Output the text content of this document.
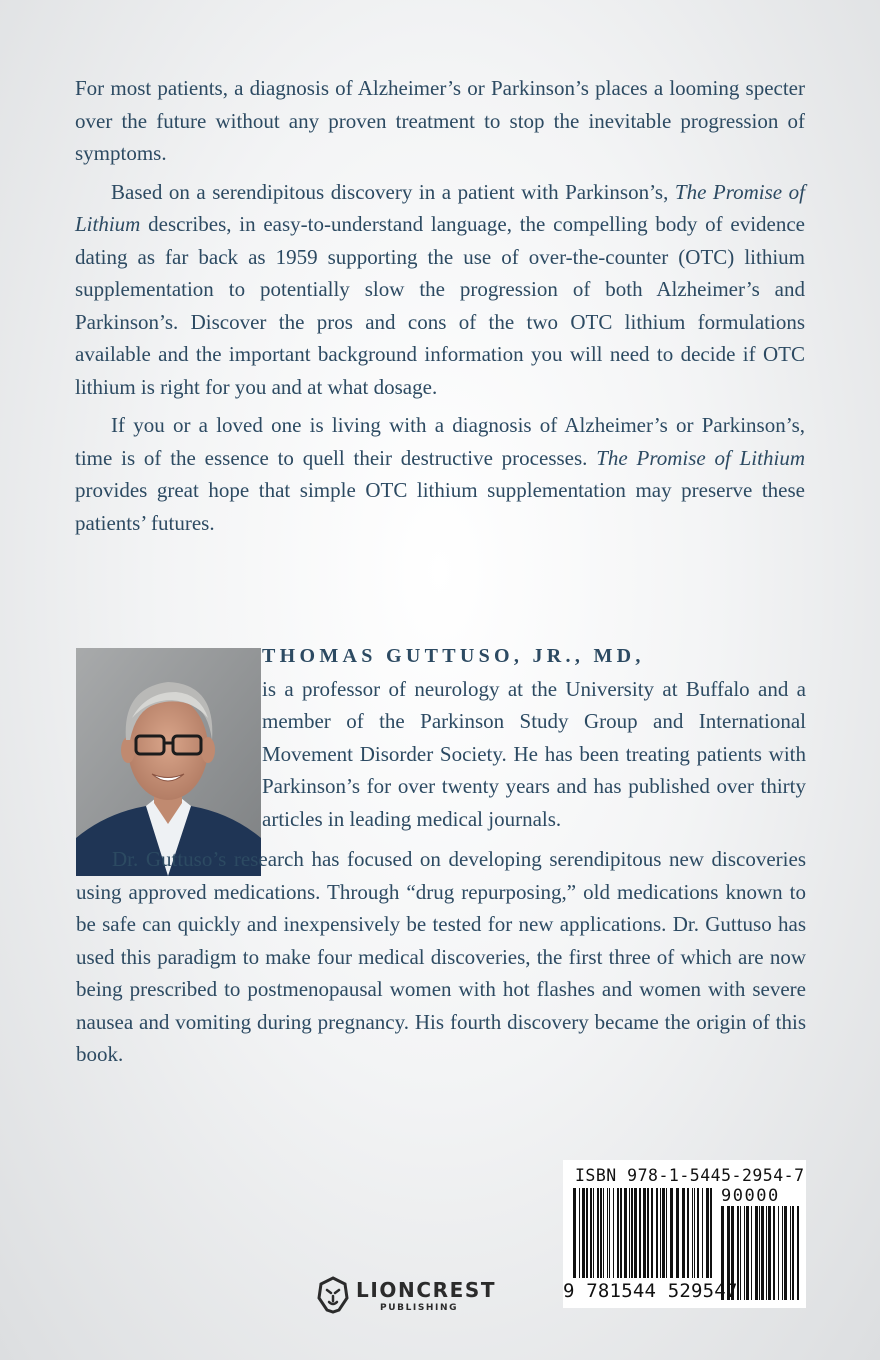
For most patients, a diagnosis of Alzheimer’s or Parkinson’s places a looming specter over the future without any proven treatment to stop the inevitable progression of symptoms.

Based on a serendipitous discovery in a patient with Parkinson’s, The Promise of Lithium describes, in easy-to-understand language, the compelling body of evidence dating as far back as 1959 supporting the use of over-the-counter (OTC) lithium supplementation to potentially slow the progression of both Alzheimer’s and Parkinson’s. Discover the pros and cons of the two OTC lithium formulations available and the important background information you will need to decide if OTC lithium is right for you and at what dosage.

If you or a loved one is living with a diagnosis of Alzheimer’s or Parkinson’s, time is of the essence to quell their destructive processes. The Promise of Lithium provides great hope that simple OTC lithium supplementation may preserve these patients’ futures.

THOMAS GUTTUSO, JR., MD,
is a professor of neurology at the University at Buffalo and a member of the Parkinson Study Group and International Movement Disorder Society. He has been treating patients with Parkinson’s for over twenty years and has published over thirty articles in leading medical journals.

Dr. Guttuso’s research has focused on developing serendipitous new discoveries using approved medications. Through “drug repurposing,” old medications known to be safe can quickly and inexpensively be tested for new applications. Dr. Guttuso has used this paradigm to make four medical discoveries, the first three of which are now being prescribed to postmenopausal women with hot flashes and women with severe nausea and vomiting during pregnancy. His fourth discovery became the origin of this book.

ISBN 978-1-5445-2954-7
90000
9 781544 529547
LIONCREST
PUBLISHING
